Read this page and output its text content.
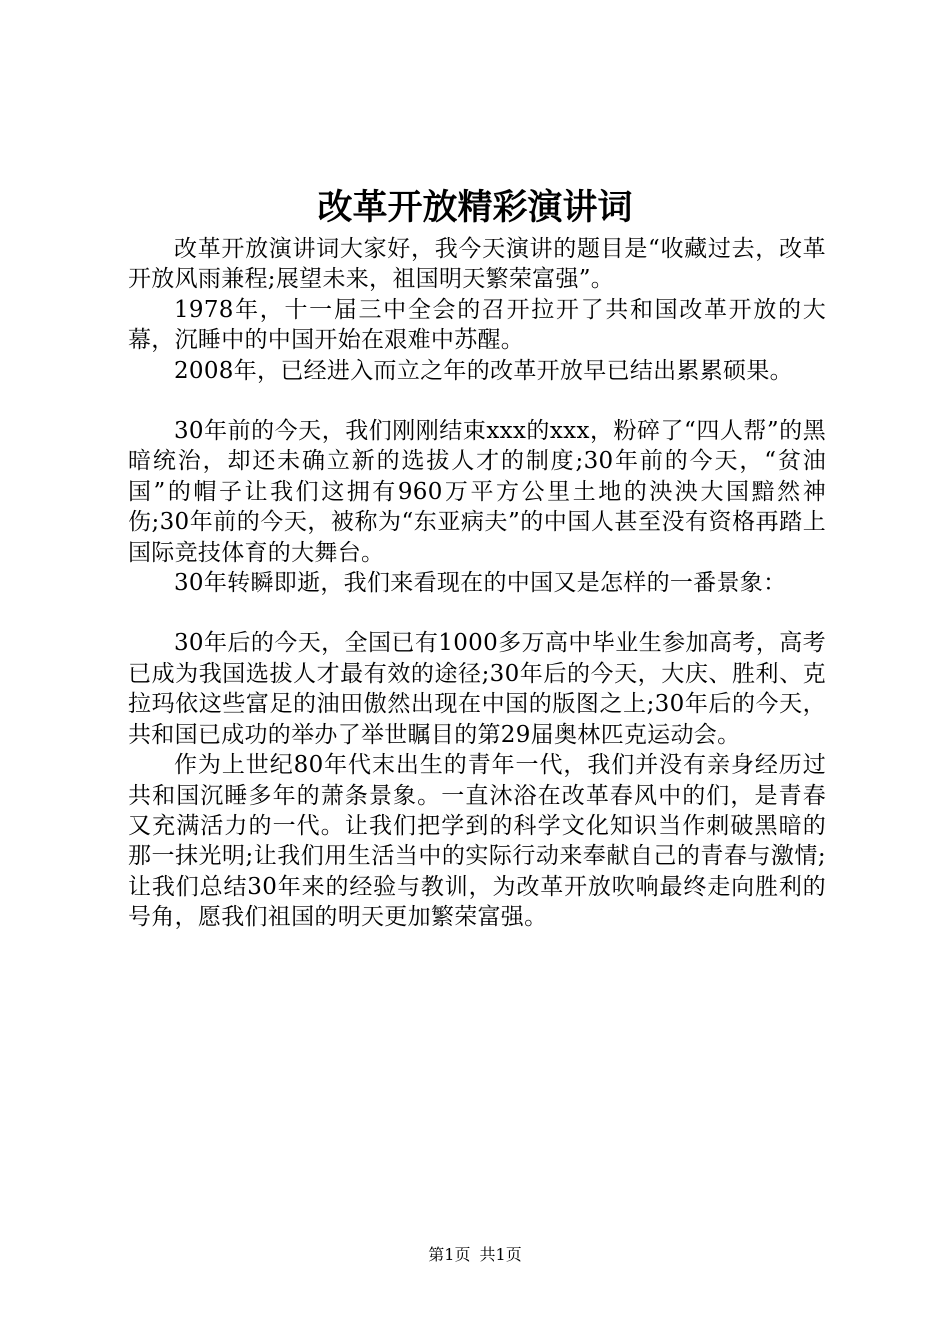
改革开放精彩演讲词

改革开放演讲词大家好，我今天演讲的题目是“收藏过去，改革开放风雨兼程;展望未来，祖国明天繁荣富强”。

1978年，十一届三中全会的召开拉开了共和国改革开放的大幕，沉睡中的中国开始在艰难中苏醒。

2008年，已经进入而立之年的改革开放早已结出累累硕果。

30年前的今天，我们刚刚结束xxx的xxx，粉碎了“四人帮”的黑暗统治，却还未确立新的选拔人才的制度;30年前的今天，“贫油国”的帽子让我们这拥有960万平方公里土地的泱泱大国黯然神伤;30年前的今天，被称为“东亚病夫”的中国人甚至没有资格再踏上国际竞技体育的大舞台。

30年转瞬即逝，我们来看现在的中国又是怎样的一番景象：

30年后的今天，全国已有1000多万高中毕业生参加高考，高考已成为我国选拔人才最有效的途径;30年后的今天，大庆、胜利、克拉玛依这些富足的油田傲然出现在中国的版图之上;30年后的今天，共和国已成功的举办了举世瞩目的第29届奥林匹克运动会。

作为上世纪80年代末出生的青年一代，我们并没有亲身经历过共和国沉睡多年的萧条景象。一直沐浴在改革春风中的们，是青春又充满活力的一代。让我们把学到的科学文化知识当作刺破黑暗的那一抹光明;让我们用生活当中的实际行动来奉献自己的青春与激情;让我们总结30年来的经验与教训，为改革开放吹响最终走向胜利的号角，愿我们祖国的明天更加繁荣富强。

第1页 共1页
